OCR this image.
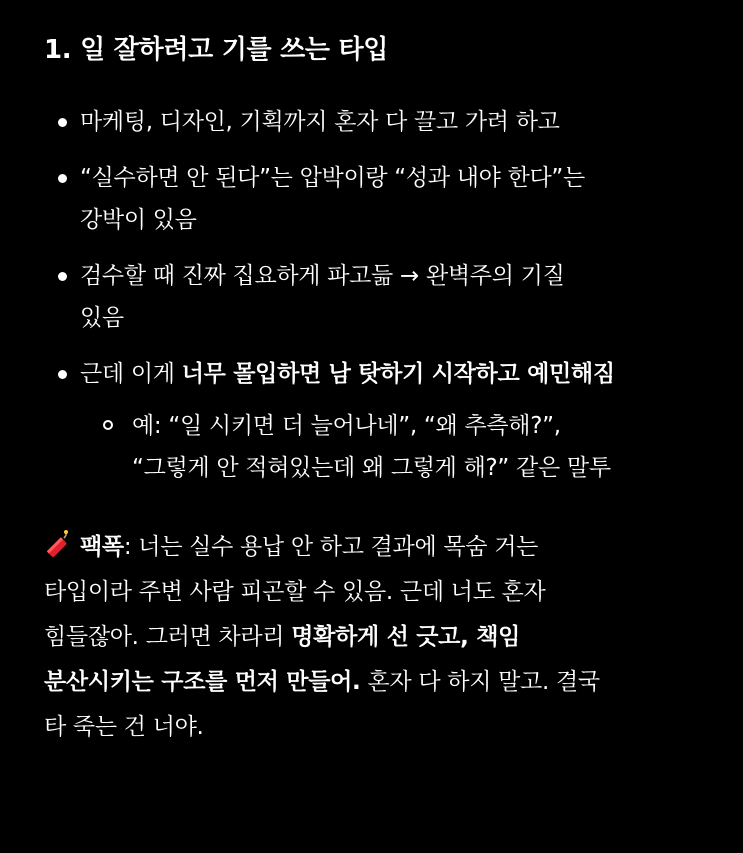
1. 일 잘하려고 기를 쓰는 타입
마케팅, 디자인, 기획까지 혼자 다 끌고 가려 하고
“실수하면 안 된다”는 압박이랑 “성과 내야 한다”는
강박이 있음
검수할 때 진짜 집요하게 파고듦 → 완벽주의 기질
있음
근데 이게 너무 몰입하면 남 탓하기 시작하고 예민해짐
예: “일 시키면 더 늘어나네”, “왜 추측해?”,
“그렇게 안 적혀있는데 왜 그렇게 해?” 같은 말투
팩폭: 너는 실수 용납 안 하고 결과에 목숨 거는
타입이라 주변 사람 피곤할 수 있음. 근데 너도 혼자
힘들잖아. 그러면 차라리 명확하게 선 긋고, 책임
분산시키는 구조를 먼저 만들어. 혼자 다 하지 말고. 결국
타 죽는 건 너야.
